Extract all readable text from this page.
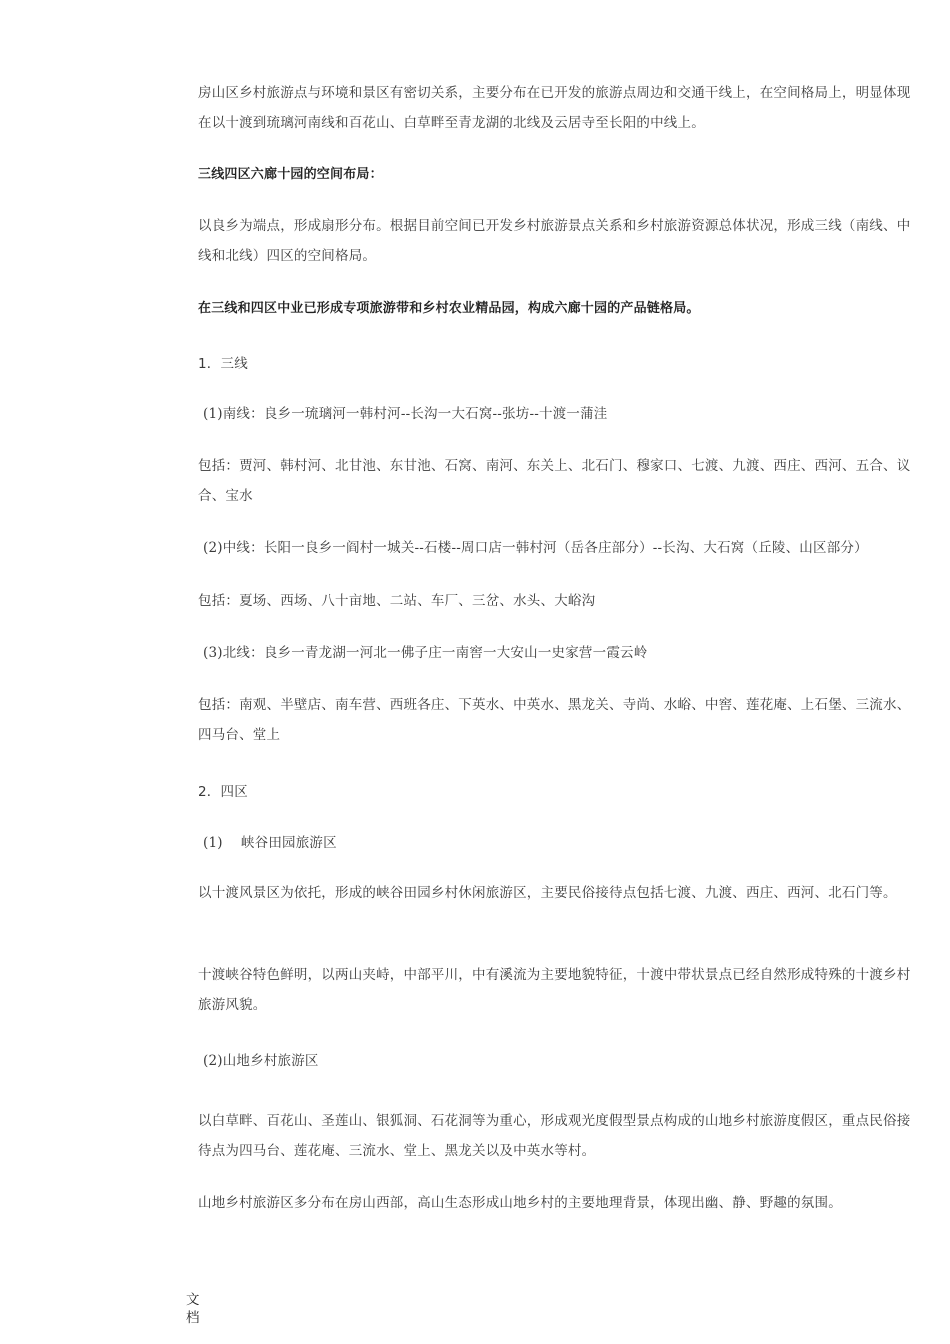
房山区乡村旅游点与环境和景区有密切关系，主要分布在已开发的旅游点周边和交通干线上，在空间格局上，明显体现在以十渡到琉璃河南线和百花山、白草畔至青龙湖的北线及云居寺至长阳的中线上。

三线四区六廊十园的空间布局：

以良乡为端点，形成扇形分布。根据目前空间已开发乡村旅游景点关系和乡村旅游资源总体状况，形成三线（南线、中线和北线）四区的空间格局。

在三线和四区中业已形成专项旅游带和乡村农业精品园，构成六廊十园的产品链格局。

1．三线

(1)南线：良乡一琉璃河一韩村河--长沟一大石窝--张坊--十渡一蒲洼

包括：贾河、韩村河、北甘池、东甘池、石窝、南河、东关上、北石门、穆家口、七渡、九渡、西庄、西河、五合、议合、宝水

(2)中线：长阳一良乡一阎村一城关--石楼--周口店一韩村河（岳各庄部分）--长沟、大石窝（丘陵、山区部分）

包括：夏场、西场、八十亩地、二站、车厂、三岔、水头、大峪沟

(3)北线：良乡一青龙湖一河北一佛子庄一南窖一大安山一史家营一霞云岭

包括：南观、半壁店、南车营、西班各庄、下英水、中英水、黑龙关、寺尚、水峪、中窖、莲花庵、上石堡、三流水、四马台、堂上

2．四区

(1)　 峡谷田园旅游区

以十渡风景区为依托，形成的峡谷田园乡村休闲旅游区，主要民俗接待点包括七渡、九渡、西庄、西河、北石门等。

十渡峡谷特色鲜明，以两山夹峙，中部平川，中有溪流为主要地貌特征，十渡中带状景点已经自然形成特殊的十渡乡村旅游风貌。

(2)山地乡村旅游区

以白草畔、百花山、圣莲山、银狐洞、石花洞等为重心，形成观光度假型景点构成的山地乡村旅游度假区，重点民俗接待点为四马台、莲花庵、三流水、堂上、黑龙关以及中英水等村。

山地乡村旅游区多分布在房山西部，高山生态形成山地乡村的主要地理背景，体现出幽、静、野趣的氛围。

文档
